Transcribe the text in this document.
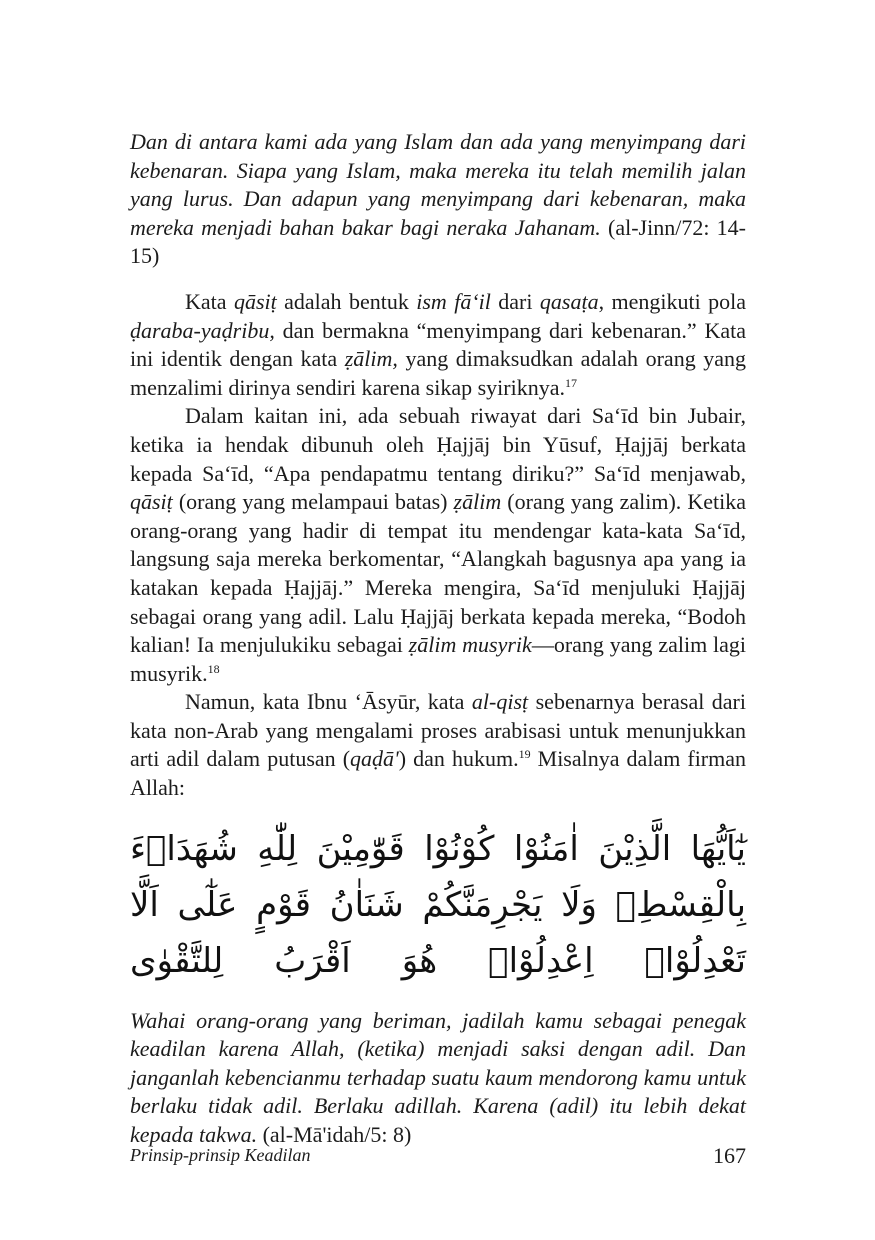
Dan di antara kami ada yang Islam dan ada yang menyimpang dari kebenaran. Siapa yang Islam, maka mereka itu telah memilih jalan yang lurus. Dan adapun yang menyimpang dari kebenaran, maka mereka menjadi bahan bakar bagi neraka Jahanam. (al-Jinn/72: 14-15)

Kata qāsiṭ adalah bentuk ism fā‘il dari qasaṭa, mengikuti pola ḍaraba-yaḍribu, dan bermakna “menyimpang dari kebenaran.” Kata ini identik dengan kata ẓālim, yang dimaksudkan adalah orang yang menzalimi dirinya sendiri karena sikap syiriknya.$^{17}$

Dalam kaitan ini, ada sebuah riwayat dari Sa‘īd bin Jubair, ketika ia hendak dibunuh oleh Ḥajjāj bin Yūsuf, Ḥajjāj berkata kepada Sa‘īd, “Apa pendapatmu tentang diriku?” Sa‘īd menjawab, qāsiṭ (orang yang melampaui batas) ẓālim (orang yang zalim). Ketika orang-orang yang hadir di tempat itu mendengar kata-kata Sa‘īd, langsung saja mereka berkomentar, “Alangkah bagusnya apa yang ia katakan kepada Ḥajjāj.” Mereka mengira, Sa‘īd menjuluki Ḥajjāj sebagai orang yang adil. Lalu Ḥajjāj berkata kepada mereka, “Bodoh kalian! Ia menjulukiku sebagai ẓālim musyrik—orang yang zalim lagi musyrik.$^{18}$

Namun, kata Ibnu ‘Āsyūr, kata al-qisṭ sebenarnya berasal dari kata non-Arab yang mengalami proses arabisasi untuk menunjukkan arti adil dalam putusan (qaḍā') dan hukum.$^{19}$ Misalnya dalam firman Allah:

يٰٓاَيُّهَا الَّذِيْنَ اٰمَنُوْا كُوْنُوْا قَوّٰمِيْنَ لِلّٰهِ شُهَدَاۤءَ بِالْقِسْطِۖ وَلَا يَجْرِمَنَّكُمْ شَنَاٰنُ قَوْمٍ عَلٰٓى اَلَّا تَعْدِلُوْاۗ اِعْدِلُوْاۗ هُوَ اَقْرَبُ لِلتَّقْوٰى

Wahai orang-orang yang beriman, jadilah kamu sebagai penegak keadilan karena Allah, (ketika) menjadi saksi dengan adil. Dan janganlah kebencianmu terhadap suatu kaum mendorong kamu untuk berlaku tidak adil. Berlaku adillah. Karena (adil) itu lebih dekat kepada takwa. (al-Mā'idah/5: 8)

Prinsip-prinsip Keadilan	167
